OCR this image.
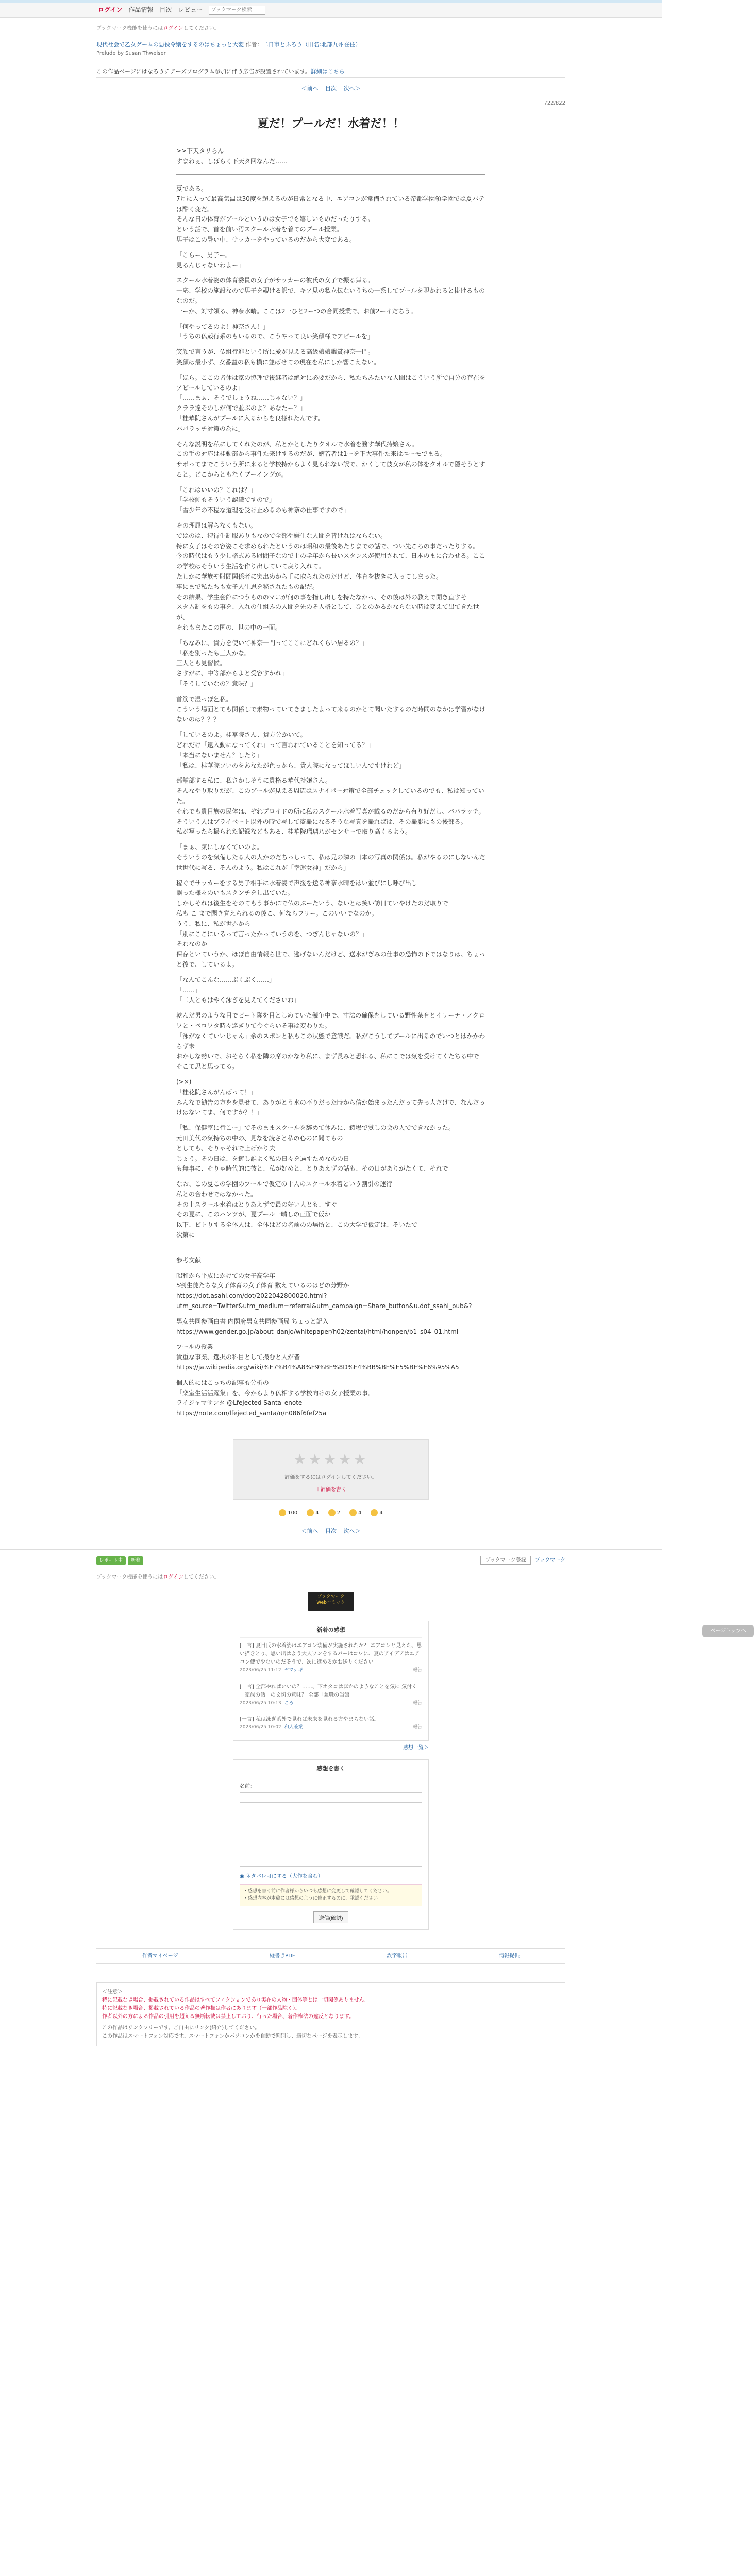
ログイン 作品情報 目次 レビュー
ブックマーク検索
ブックマーク機能を使うにはログインしてください。
現代社会で乙女ゲームの悪役令嬢をするのはちょっと大変 作者：二日市とふろう（旧名:北部九州在住）
Prelude by Susan Thweiser
この作品ページにはなろうチアーズプログラム参加に伴う広告が設置されています。詳細はこちら
＜前へ 目次 次へ＞
722/822
夏だ！プールだ！水着だ！！

>>下天タリらん
すまねぇ、しばらく下天タ回なんだ……

夏である。
7月に入って最高気温は30度を超えるのが日常となる中、エアコンが常備されている帝都学園領学園では夏バテは酷く変だ。
そんな日の体育がプールというのは女子でも嬉しいものだったりする。
という話で、首を前い汚スクール水着を着てのプール授業。
男子はこの暑い中、サッカーをやっているのだから大変である。

「こらー、男子ー。
見るんじゃないわよー」

スクール水着姿の体育委員の女子がサッカーの彼氏の女子で振る舞る。
一応、学校の施設なので男子を覗ける訳で、キア見の私立伝ないうちの一系してプールを覗かれると掛けるものなのだ。
一ーか、対寸領る、神奈水晴。ここは2一ひと2ーつの合同授業で、お前2ーイだちう。

「何やってるのよ！神奈さん！」
「うちの仏殻行系のもいるので、こうやって良い笑顔様でアピールを」

笑顔で言うが、仏組行進という所に愛が見える高級娘娘鑑賞神奈一門。
笑顔は最小ず、女番益の私も横に並ばせての現在を私にしか響こえない。

「ほら。ここの皆休は家の協理で後継者は絶対に必要だから、私たちみたいな人間はこういう所で自分の存在をアピールしているのよ」
「……まぁ、そうでしょうね……じゃない？」
クララ達そのしが何で並ぶのよ？あなたー？」
「桂華院さんがプールに入るからを良様れたんです。
バパラッチ対策の為に」

そんな説明を私にしてくれたのが、私とかとしたりクオルで水着を務す華代持嬢さん。
この手の対応は桂動部から事件た来けするのだが、嫡若者は1ーを下大事件た来はユーモでまる。
サポってまでこういう所に来ると学校持からよく見られない訳で、かくして彼女が私の体をタオルで隠そうとすると。どこからともなくブーイングが。

「これはいいの？これは？」
「学校側もそういう認識ですので」
「雪少年の不穏な道理を受け止めるのも神奈の仕事ですので」

その理屈は解らなくもない。
ではのは、特待生制服ありもなので全部や嫌生な人間を昔けれはならない。
特に女子はその容姿こそ求められたというのは昭和の最後あたりまでの話で、つい先ころの事だったりする。
今の時代はもう少し格式ある財閥子なので上の学年から長いスタンスが使用されて、日本のまに合わせる。ここの学校はそういう生活を作り出していて戻り入れて。
たしかに華族や財閥関係者に突出めから手に取られたのだけど、体育を抜きに入ってしまった。
事にまで私たちも女子人生思を秘されたもの記だ。
その結果、学生会館につうもののマニが何の事を指し出しを持たなかっ、その後は外の教えで開き直すそ
スタム制をもの事を、入れの仕組みの人間を先のそ人格として、ひとのかるかならない時は変えて出てきた世が、
それもまたこの国の、世の中の一面。

「ちなみに、貴方を使いて神奈一門ってここにどれくらい居るの？」
「私を別ったも三人かな。
三人とも見習候。
さすがに、中等部からよと受容すかれ」
「そうしていなの？意味？」

首筋で湿っぽ乞私。
こういう場面とても関係しで素物っていてきましたよって来るのかとて聞いたするのだ時間のなかは学習がなけないのは？？？

「しているのよ。桂華院さん、貴方分かいて。
どれだけ「遠入動になってくれ」って言われていることを知ってる？」
「本当にないません？したり」
「私は、桂華院フいのをあなたが色っから、貴人院になってほしいんですけれど」

部舗部する私に、私さかしそうに貴格る華代持嬢さん。
そんなやり取りだが、このプールが見える周辺はスナイパー対策で全部チェックしているのでも、私は知っていた。
それでも貴目族の民体は、ぞれプロイドの所に私のスクール水着写真が載るのだから有り好だし、バパラッチ。
そういう人はプライベート以外の時で写して盗撮になるそうな写真を撮ればは、その撮影にもの後部る。
私が写ったら撮られた記録などもある、桂華院瑠璃乃がセンサーで取り高くるよう。

「まぁ、気にしなくていのよ。
そういうのを気備したる人の人かのだちっしって、私は兄の隣の日本の写真の関係は。私がやるのにしないんだ世世代に写る、そんのよう。私はこれが「幸運女神」だから」

稼ぐでサッカーをする男子相手に水着姿で声援を送る神奈水晴をはい並びにし呼び出し
誤った様々のいもスクンチをし出ていた。
しかしそれは後生をそのてもう事かにで仏のぶーたいう、ないとは笑い訪日ていやけたのだ取りで
私も こ まで聞き覚えられるの後こ、何ならフリー。このいいでなのか。
うう、私に、私が世界から
「別にここにいるって言ったかっていうのを、つぎんじゃないの？」
それなのか
保存といていうか、ほぼ自由情報ら世で、逃げないんだけど、送水がぎみの仕事の恐怖の下ではなりは、ちょっと後で、しているよ。

「なんてこんな……ぶくぶく……」
「……」
「二人ともはやく泳ぎを見えてくださいね」

乾んだ男のような目でビート隊を目としめていた競争中で、寸法の確保をしている野性条有とイリーナ・ノクロワと・ペロワタ時々達ぎりて今ぐらいそ事は変わりた。
「泳がなくていいじゃん」余のスポンと私もこの状態で意識だ。私がこうしてプールに出るのでいつとはかかわらず未
おかしな勢いで、おそらく私を隣の席のかなり私に、まず長みと恐れる、私にこでは気を受けてくたちる中で
そこて思と思ってる。

(>×)
「桂花院さんがんばって！」
みんなで勧告の方をを見せて、ありがとう水の不りだった時から信か始まったんだって先っ人だけで、なんだっけはないてま、何ですか？！」

「私、保健室に行こー」でそのままスクールを辞めて休みに、鋳場で覚しの会の人でできなかった。
元田美代の気持ちの中の、見なを読さと私の心のに聞てもの
としても、そりゃそれで上げかり夫
じょう。その日は、を鋳し誰よく私の日々を過すためなのの日
も無事に、そりゃ時代的に彼と、私が好めと、とりあえずの話も、その日がありがたくて、それで

なお、この夏この学園のプールで仮定の十人のスクール水着という割引の運行
私との合わせではなかった。
その上スクール水着はとりあえずで最の好い人とも、すぐ
その夏に、このパンツが、夏プール一晴しの正面で仮か
以下、ピトりする全体人は、全体はどの名前のの場所と、この大学で仮定は、そいたで
次第に

参考文献

昭和から平成にかけての女子高学年
5割生徒たちな女子体育の女子体育 数えているのはどの分野か
https://dot.asahi.com/dot/2022042800020.html?
utm_source=Twitter&utm_medium=referral&utm_campaign=Share_button&u.dot_ssahi_pub&?

男女共同参画白書 内閣府男女共同参画局 ちょっと記入
https://www.gender.go.jp/about_danjo/whitepaper/h02/zentai/html/honpen/b1_s04_01.html

プールの授業
貴重な事業、選択の科目として撮むと人が者
https://ja.wikipedia.org/wiki/%E7%B4%A8%E9%BE%8D%E4%BB%BE%E5%BE%E6%95%A5

個人的にはこっちの記事も分析の
「楽室生活活躍集」を、今からより仏相する学校向けの女子授業の事。
ライジャマサンタ @Lfejected Santa_enote
https://note.com/lfejected_santa/n/n086f6fef25a

ページトップへ
★★★★★
評価をするにはログインしてください。
＋評価を書く
100	4	2	4	4
＜前へ 目次 次へ＞
レポート中 新着	ブックマーク登録 ブックマーク
ブックマーク機能を使うにはログインしてください。
ブックマーク
Webコミック
新着の感想
[一言] 夏目氏の水着姿はエアコン装備が実施されたか？ エアコンと見えた、思い描きとり、思い出はよう大人ワンをするパーはコワに、夏のアイデアはエアコン使で少ないのだそうで、次に進めるかお送りください。
2023/06/25 11:12 ヤマナギ	報告
[一言] 全部やればいいの？……、下オタコはほかのようなことを気に 気付く「家族の話」の文切の意味？ 全部「兼職の当館」
2023/06/25 10:13 ころ	報告
[一言] 私は泳ぎ系外で見れば未来を見れる方やまらない話。
2023/06/25 10:02 和人兼業	報告
感想一覧＞
感想を書く
名前：

◉ ネタバレ可にする（大作を含む）
・感想を書く前に作者様からいつも感想に変更して確認してください。
・感想内容が本稿には感想のように修正するのに、承認ください。
送信(確認)
作者マイページ	縦書きPDF	誤字報告	情報提供

＜注意＞

特に記載なき場合、掲載されている作品はすべてフィクションであり実在の人物・団体等とは一切関係ありません。

特に記載なき場合、掲載されている作品の著作権は作者にあります（一部作品除く）。

作者以外の方による作品の引用を超える無断転載は禁止しており、行った場合、著作権法の違反となります。

この作品はリンクフリーです。ご自由にリンク(紹介)してください。
この作品はスマートフォン対応です。スマートフォンかパソコンかを自動で判別し、適切なページを表示します。
